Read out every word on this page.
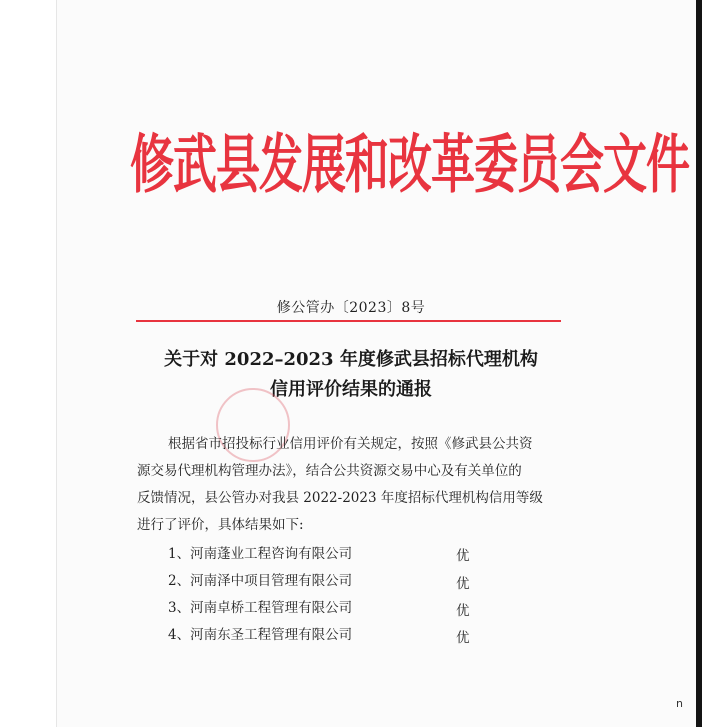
修武县发展和改革委员会文件
修公管办〔2023〕8号
关于对 2022–2023 年度修武县招标代理机构
信用评价结果的通报
根据省市招投标行业信用评价有关规定，按照《修武县公共资
源交易代理机构管理办法》，结合公共资源交易中心及有关单位的
反馈情况，县公管办对我县 2022-2023 年度招标代理机构信用等级
进行了评价，具体结果如下:
1、河南蓬业工程咨询有限公司	优
2、河南泽中项目管理有限公司	优
3、河南卓桥工程管理有限公司	优
4、河南东圣工程管理有限公司	优
n
